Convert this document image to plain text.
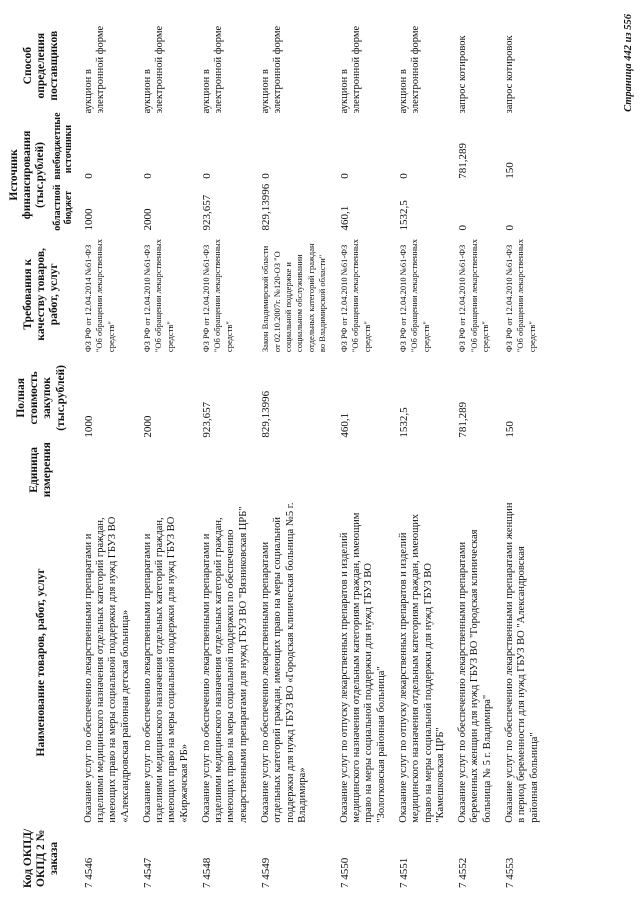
Код ОКПД/ ОКПД 2 № заказа	Наименование товаров, работ, услуг	Единица измерения	Полная стоимость закупок (тыс.рублей)	Требования к качеству товаров, работ, услуг	Источник финансирования (тыс.рублей)		Способ определения поставщиков
					областной бюджет	внебюджетные источники	
7 4546	Оказание услуг по обеспечению лекарственными препаратами и изделиями медицинского назначения отдельных категорий граждан, имеющих право на меры социальной поддержки для нужд ГБУЗ ВО «Александровская районная детская больница»		1000	ФЗ РФ от 12.04.2014 №61-ФЗ "Об обращении лекарственных средств"	1000	0	аукцион в электронной форме
7 4547	Оказание услуг по обеспечению лекарственными препаратами и изделиями медицинского назначения отдельных категорий граждан, имеющих право на меры социальной поддержки для нужд ГБУЗ ВО «Киржачская РБ»		2000	ФЗ РФ от 12.04.2010 №61-ФЗ "Об обращении лекарственных средств"	2000	0	аукцион в электронной форме
7 4548	Оказание услуг по обеспечению лекарственными препаратами и изделиями медицинского назначения отдельных категорий граждан, имеющих право на меры социальной поддержки по обеспечению лекарственными препаратами для нужд ГБУЗ ВО "Вязниковская ЦРБ"		923,657	ФЗ РФ от 12.04.2010 №61-ФЗ "Об обращении лекарственных средств"	923,657	0	аукцион в электронной форме
7 4549	Оказание услуг по обеспечению лекарственными препаратами отдельных категорий граждан, имеющих право на меры социальной поддержки для нужд ГБУЗ ВО «Городская клиническая больница №5 г. Владимира»		829,13996	Закон Владимирской области от 02.10.2007г. №120-ОЗ "О социальной поддержке и социальном обслуживании отдельных категорий граждан во Владимирской области"	829,13996	0	аукцион в электронной форме
7 4550	Оказание услуг по отпуску лекарственных препаратов и изделий медицинского назначения отдельным категориям граждан, имеющим право на меры социальной поддержки для нужд ГБУЗ ВО "Золотковская районная больница"		460,1	ФЗ РФ от 12.04.2010 №61-ФЗ "Об обращении лекарственных средств"	460,1	0	аукцион в электронной форме
7 4551	Оказание услуг по отпуску лекарственных препаратов и изделий медицинского назначения отдельным категориям граждан, имеющих право на меры социальной поддержки для нужд ГБУЗ ВО "Камешковская ЦРБ"		1532,5	ФЗ РФ от 12.04.2010 №61-ФЗ "Об обращении лекарственных средств"	1532,5	0	аукцион в электронной форме
7 4552	Оказание услуг по обеспечению лекарственными препаратами беременных женщин для нужд ГБУЗ ВО "Городская клиническая больница № 5 г. Владимира"		781,289	ФЗ РФ от 12.04.2010 №61-ФЗ "Об обращении лекарственных средств"	0	781,289	запрос котировок
7 4553	Оказание услуг по обеспечению лекарственными препаратами женщин в период беременности для нужд ГБУЗ ВО "Александровская районная больница"		150	ФЗ РФ от 12.04.2010 №61-ФЗ "Об обращении лекарственных средств"	0	150	запрос котировок	Страница 442 из 556
